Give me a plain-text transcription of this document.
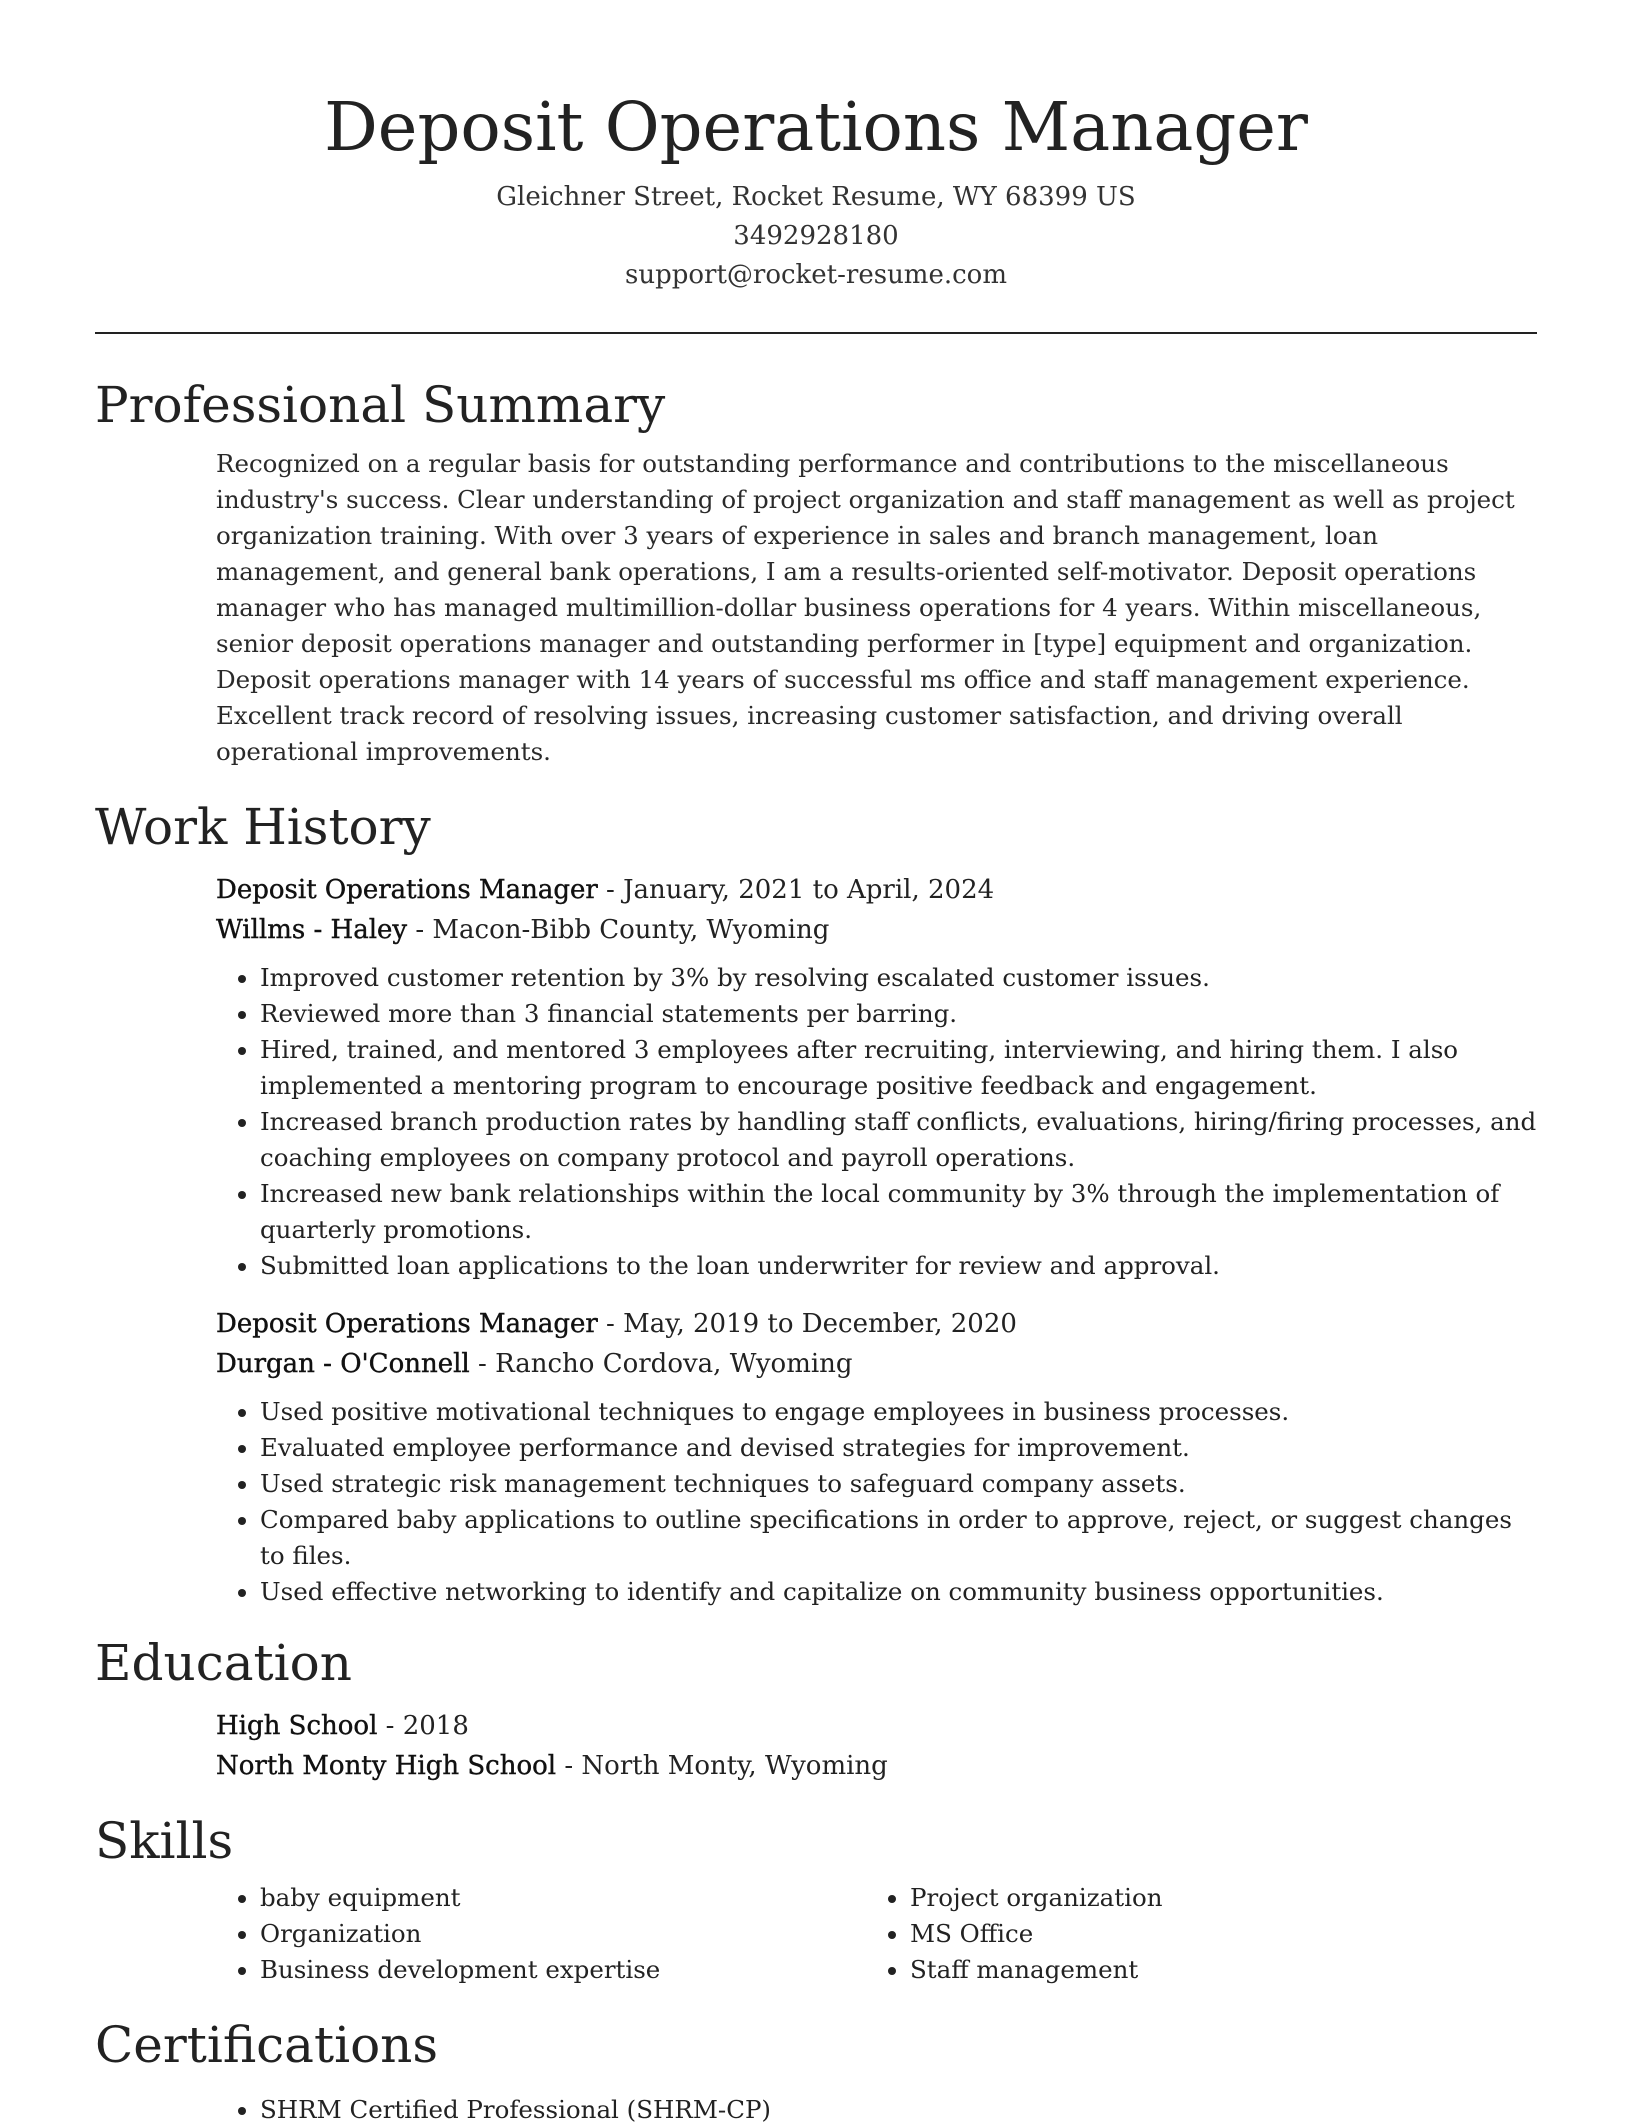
Deposit Operations Manager
Gleichner Street, Rocket Resume, WY 68399 US
3492928180
support@rocket-resume.com
Professional Summary

Recognized on a regular basis for outstanding performance and contributions to the miscellaneous industry's success. Clear understanding of project organization and staff management as well as project organization training. With over 3 years of experience in sales and branch management, loan management, and general bank operations, I am a results-oriented self-motivator. Deposit operations manager who has managed multimillion-dollar business operations for 4 years. Within miscellaneous, senior deposit operations manager and outstanding performer in [type] equipment and organization. Deposit operations manager with 14 years of successful ms office and staff management experience. Excellent track record of resolving issues, increasing customer satisfaction, and driving overall operational improvements.

Work History
Deposit Operations Manager - January, 2021 to April, 2024
Willms - Haley - Macon-Bibb County, Wyoming
• Improved customer retention by 3% by resolving escalated customer issues.
• Reviewed more than 3 financial statements per barring.
• Hired, trained, and mentored 3 employees after recruiting, interviewing, and hiring them. I also implemented a mentoring program to encourage positive feedback and engagement.
• Increased branch production rates by handling staff conflicts, evaluations, hiring/firing processes, and coaching employees on company protocol and payroll operations.
• Increased new bank relationships within the local community by 3% through the implementation of quarterly promotions.
• Submitted loan applications to the loan underwriter for review and approval.
Deposit Operations Manager - May, 2019 to December, 2020
Durgan - O'Connell - Rancho Cordova, Wyoming
• Used positive motivational techniques to engage employees in business processes.
• Evaluated employee performance and devised strategies for improvement.
• Used strategic risk management techniques to safeguard company assets.
• Compared baby applications to outline specifications in order to approve, reject, or suggest changes to files.
• Used effective networking to identify and capitalize on community business opportunities.
Education
High School - 2018
North Monty High School - North Monty, Wyoming
Skills
• baby equipment
• Organization
• Business development expertise
• Project organization
• MS Office
• Staff management
Certifications
• SHRM Certified Professional (SHRM-CP)
